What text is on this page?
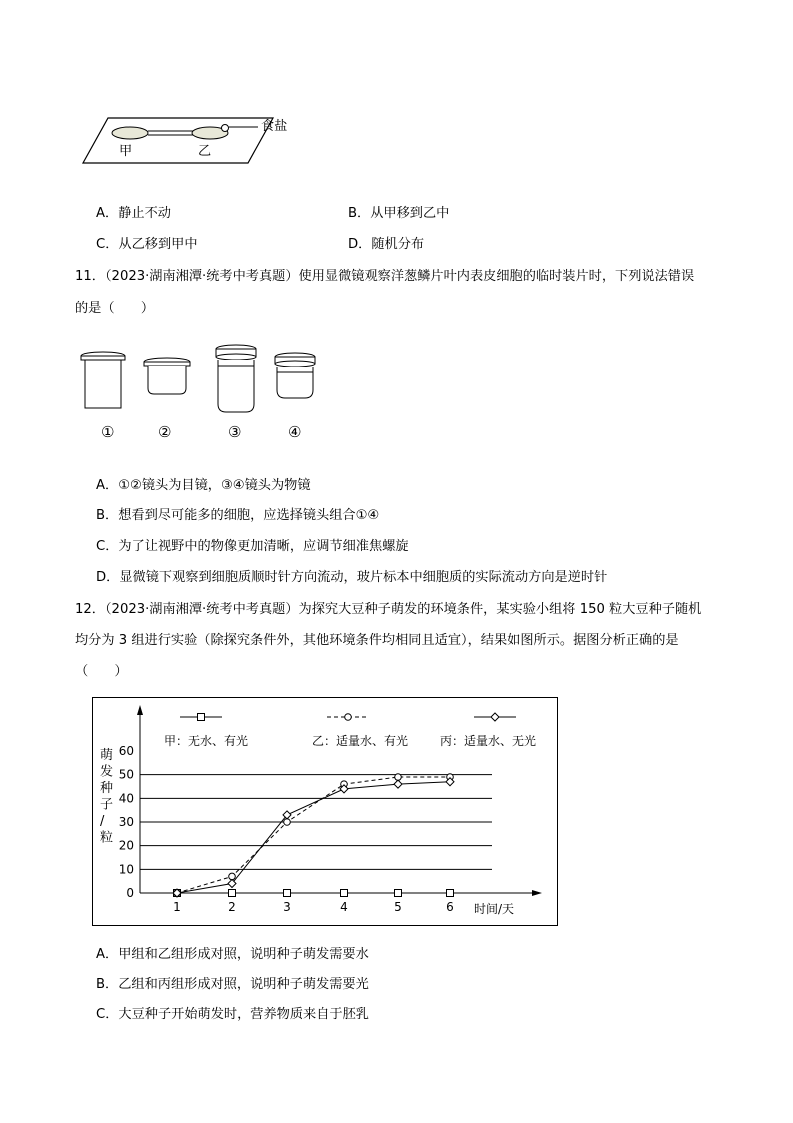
甲	乙
食盐
A．静止不动	B．从甲移到乙中
C．从乙移到甲中	D．随机分布
11．（2023·湖南湘潭·统考中考真题）使用显微镜观察洋葱鳞片叶内表皮细胞的临时装片时，下列说法错误
的是（　　）
①	②	③	④
A．①②镜头为目镜，③④镜头为物镜
B．想看到尽可能多的细胞，应选择镜头组合①④
C．为了让视野中的物像更加清晰，应调节细准焦螺旋
D．显微镜下观察到细胞质顺时针方向流动，玻片标本中细胞质的实际流动方向是逆时针
12．（2023·湖南湘潭·统考中考真题）为探究大豆种子萌发的环境条件，某实验小组将 150 粒大豆种子随机
均分为 3 组进行实验（除探究条件外，其他环境条件均相同且适宜），结果如图所示。据图分析正确的是
（　　）
萌
发
种
子
/
粒
0
10
20
30
40
50
60
1	2	3	4	5	6
甲：无水、有光	乙：适量水、有光	丙：适量水、无光
时间/天
A．甲组和乙组形成对照，说明种子萌发需要水
B．乙组和丙组形成对照，说明种子萌发需要光
C．大豆种子开始萌发时，营养物质来自于胚乳
